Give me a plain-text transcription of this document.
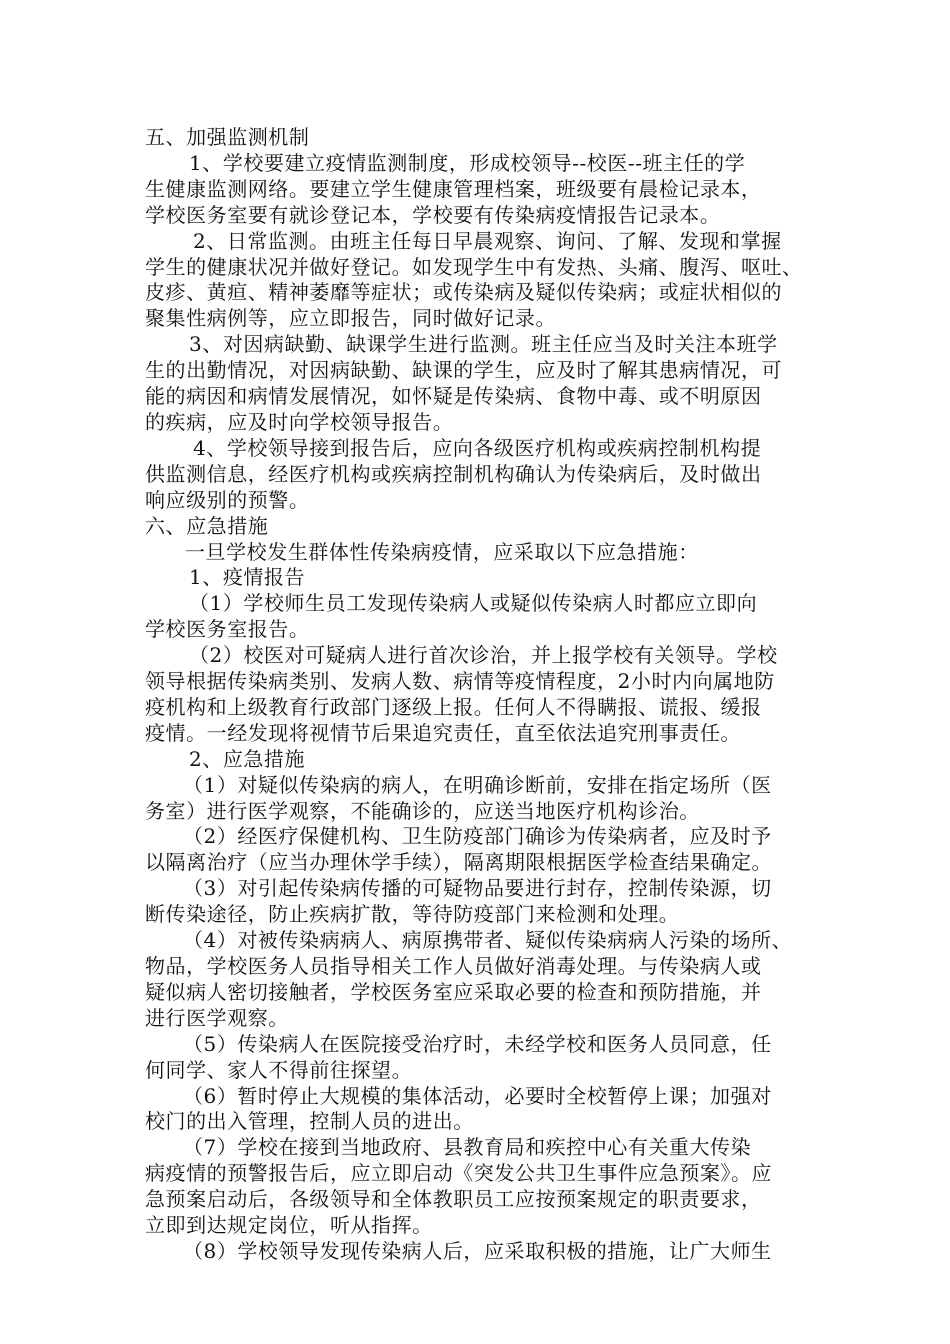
五、加强监测机制
1、学校要建立疫情监测制度，形成校领导--校医--班主任的学
生健康监测网络。要建立学生健康管理档案，班级要有晨检记录本，
学校医务室要有就诊登记本，学校要有传染病疫情报告记录本。
2、日常监测。由班主任每日早晨观察、询问、了解、发现和掌握
学生的健康状况并做好登记。如发现学生中有发热、头痛、腹泻、呕吐、
皮疹、黄疸、精神萎靡等症状；或传染病及疑似传染病；或症状相似的
聚集性病例等，应立即报告，同时做好记录。
3、对因病缺勤、缺课学生进行监测。班主任应当及时关注本班学
生的出勤情况，对因病缺勤、缺课的学生，应及时了解其患病情况，可
能的病因和病情发展情况，如怀疑是传染病、食物中毒、或不明原因
的疾病，应及时向学校领导报告。
4、学校领导接到报告后，应向各级医疗机构或疾病控制机构提
供监测信息，经医疗机构或疾病控制机构确认为传染病后，及时做出
响应级别的预警。
六、应急措施
一旦学校发生群体性传染病疫情，应采取以下应急措施：
1、疫情报告
（1）学校师生员工发现传染病人或疑似传染病人时都应立即向
学校医务室报告。
（2）校医对可疑病人进行首次诊治，并上报学校有关领导。学校
领导根据传染病类别、发病人数、病情等疫情程度，2小时内向属地防
疫机构和上级教育行政部门逐级上报。任何人不得瞒报、谎报、缓报
疫情。一经发现将视情节后果追究责任，直至依法追究刑事责任。
2、应急措施
（1）对疑似传染病的病人，在明确诊断前，安排在指定场所（医
务室）进行医学观察，不能确诊的，应送当地医疗机构诊治。
（2）经医疗保健机构、卫生防疫部门确诊为传染病者，应及时予
以隔离治疗（应当办理休学手续），隔离期限根据医学检查结果确定。
（3）对引起传染病传播的可疑物品要进行封存，控制传染源，切
断传染途径，防止疾病扩散，等待防疫部门来检测和处理。
（4）对被传染病病人、病原携带者、疑似传染病病人污染的场所、
物品，学校医务人员指导相关工作人员做好消毒处理。与传染病人或
疑似病人密切接触者，学校医务室应采取必要的检查和预防措施，并
进行医学观察。
（5）传染病人在医院接受治疗时，未经学校和医务人员同意，任
何同学、家人不得前往探望。
（6）暂时停止大规模的集体活动，必要时全校暂停上课；加强对
校门的出入管理，控制人员的进出。
（7）学校在接到当地政府、县教育局和疾控中心有关重大传染
病疫情的预警报告后，应立即启动《突发公共卫生事件应急预案》。应
急预案启动后，各级领导和全体教职员工应按预案规定的职责要求，
立即到达规定岗位，听从指挥。
（8）学校领导发现传染病人后，应采取积极的措施，让广大师生
